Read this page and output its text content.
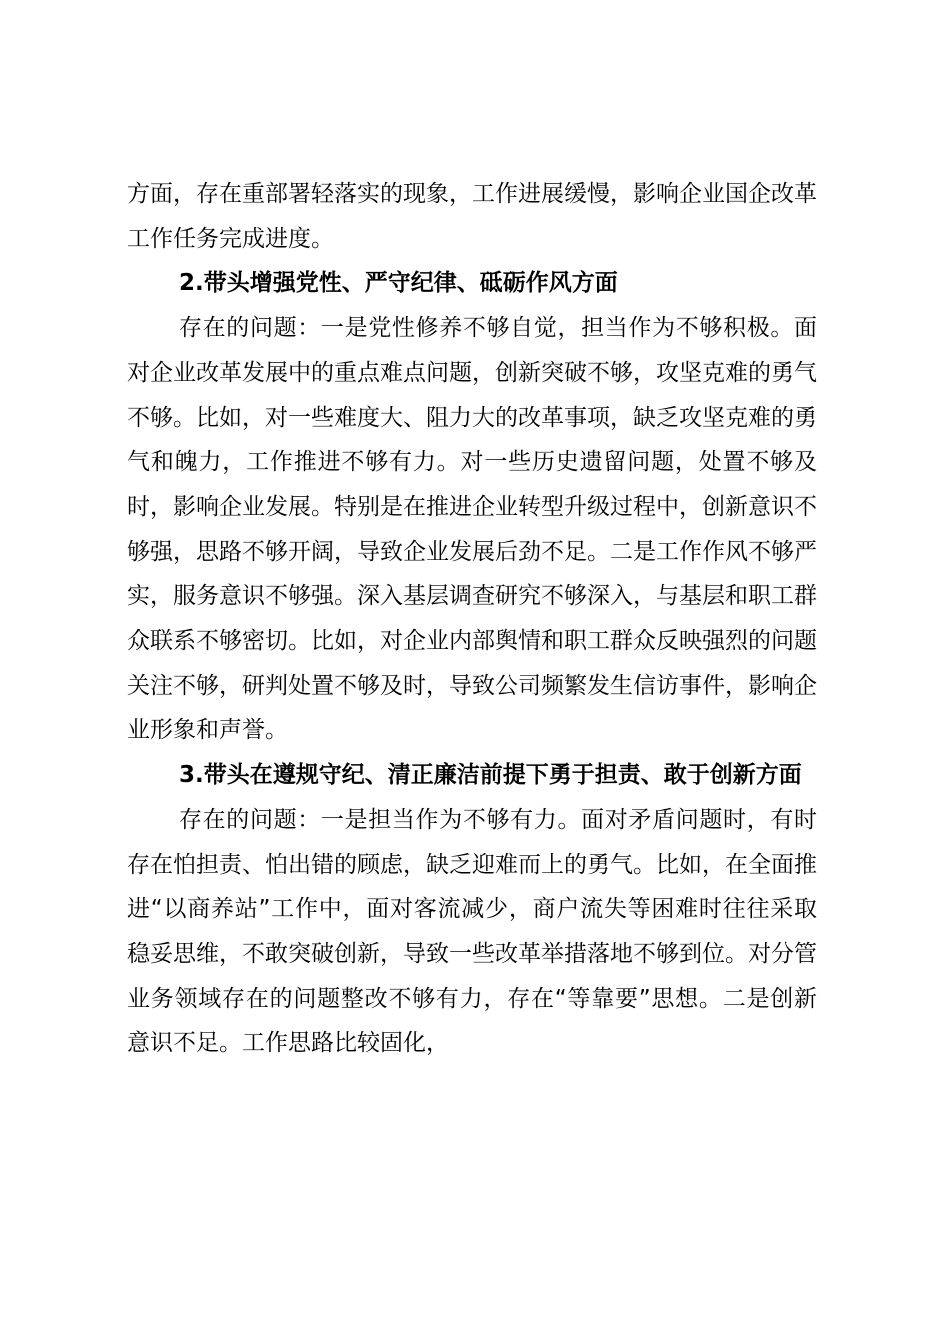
方面，存在重部署轻落实的现象，工作进展缓慢，影响企业国企改革工作任务完成进度。

2.带头增强党性、严守纪律、砥砺作风方面

存在的问题：一是党性修养不够自觉，担当作为不够积极。面对企业改革发展中的重点难点问题，创新突破不够，攻坚克难的勇气不够。比如，对一些难度大、阻力大的改革事项，缺乏攻坚克难的勇气和魄力，工作推进不够有力。对一些历史遗留问题，处置不够及时，影响企业发展。特别是在推进企业转型升级过程中，创新意识不够强，思路不够开阔，导致企业发展后劲不足。二是工作作风不够严实，服务意识不够强。深入基层调查研究不够深入，与基层和职工群众联系不够密切。比如，对企业内部舆情和职工群众反映强烈的问题关注不够，研判处置不够及时，导致公司频繁发生信访事件，影响企业形象和声誉。

3.带头在遵规守纪、清正廉洁前提下勇于担责、敢于创新方面

存在的问题：一是担当作为不够有力。面对矛盾问题时，有时存在怕担责、怕出错的顾虑，缺乏迎难而上的勇气。比如，在全面推进“以商养站”工作中，面对客流减少，商户流失等困难时往往采取稳妥思维，不敢突破创新，导致一些改革举措落地不够到位。对分管业务领域存在的问题整改不够有力，存在“等靠要”思想。二是创新意识不足。工作思路比较固化，
